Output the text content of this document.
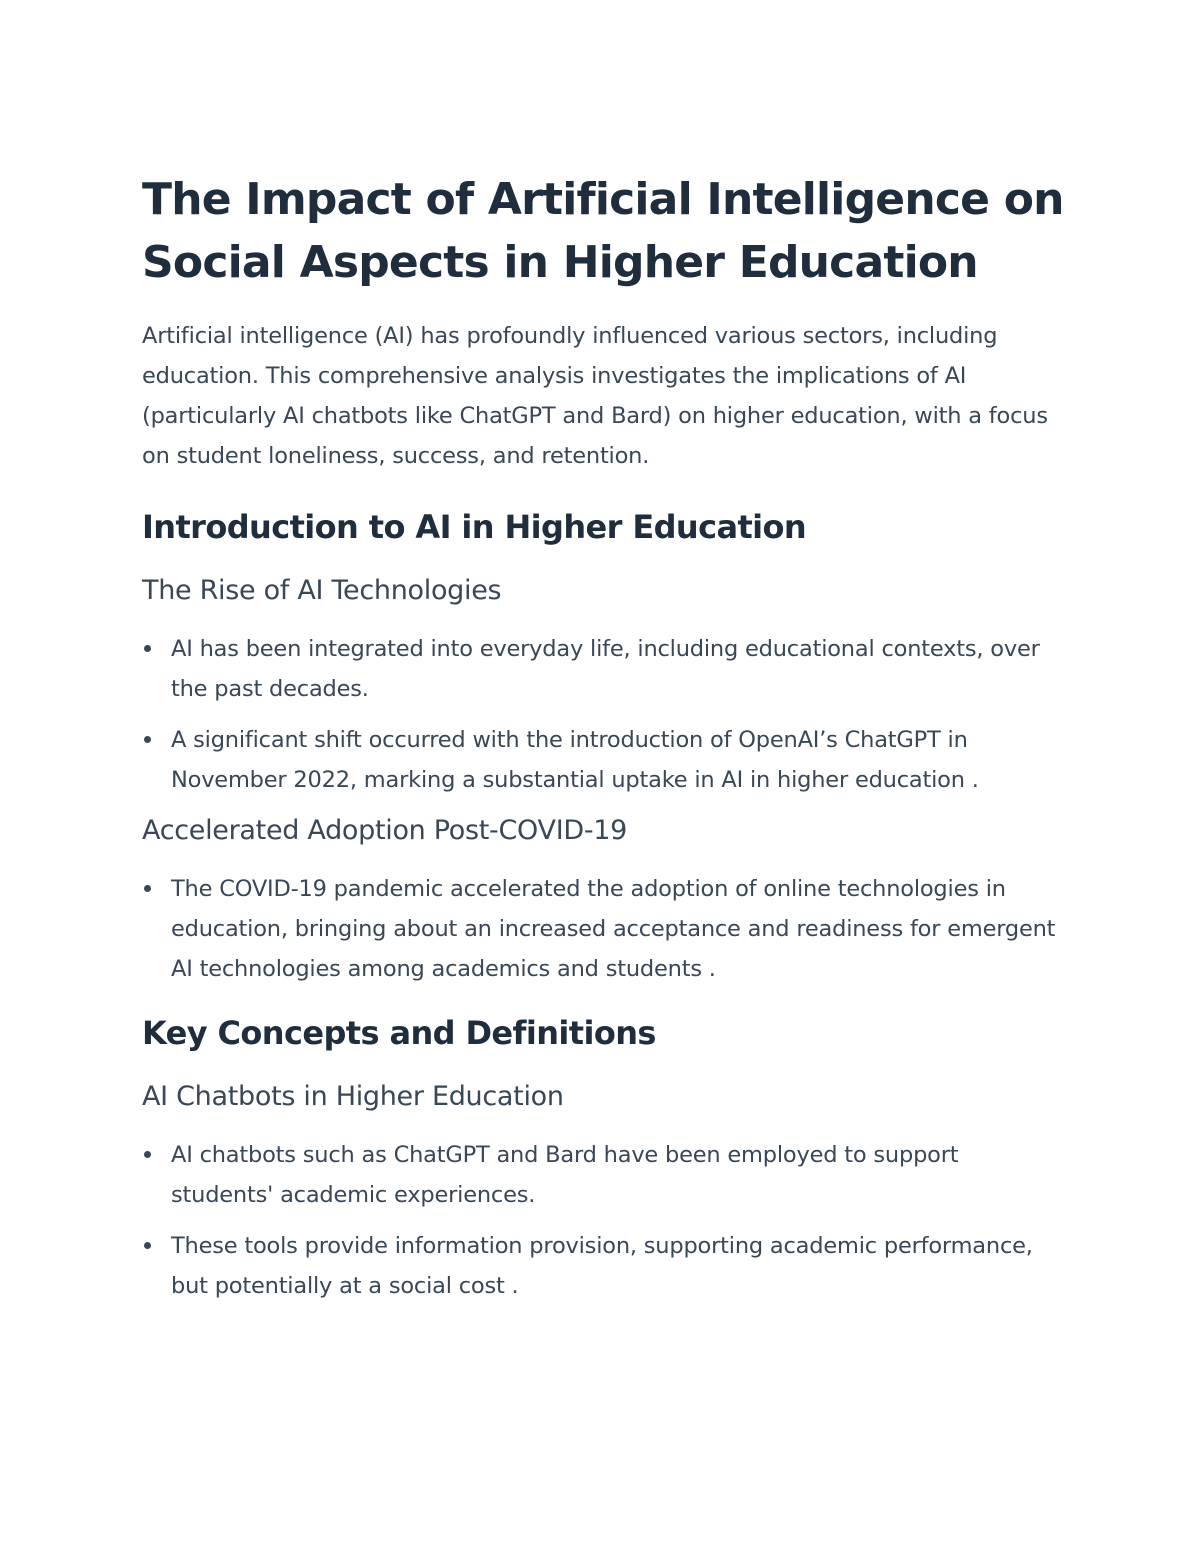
The Impact of Artificial Intelligence on Social Aspects in Higher Education

Artificial intelligence (AI) has profoundly influenced various sectors, including education. This comprehensive analysis investigates the implications of AI (particularly AI chatbots like ChatGPT and Bard) on higher education, with a focus on student loneliness, success, and retention.

Introduction to AI in Higher Education
The Rise of AI Technologies
AI has been integrated into everyday life, including educational contexts, over the past decades.
A significant shift occurred with the introduction of OpenAI’s ChatGPT in November 2022, marking a substantial uptake in AI in higher education .
Accelerated Adoption Post-COVID-19
The COVID-19 pandemic accelerated the adoption of online technologies in education, bringing about an increased acceptance and readiness for emergent AI technologies among academics and students .
Key Concepts and Definitions
AI Chatbots in Higher Education
AI chatbots such as ChatGPT and Bard have been employed to support students' academic experiences.
These tools provide information provision, supporting academic performance, but potentially at a social cost .
